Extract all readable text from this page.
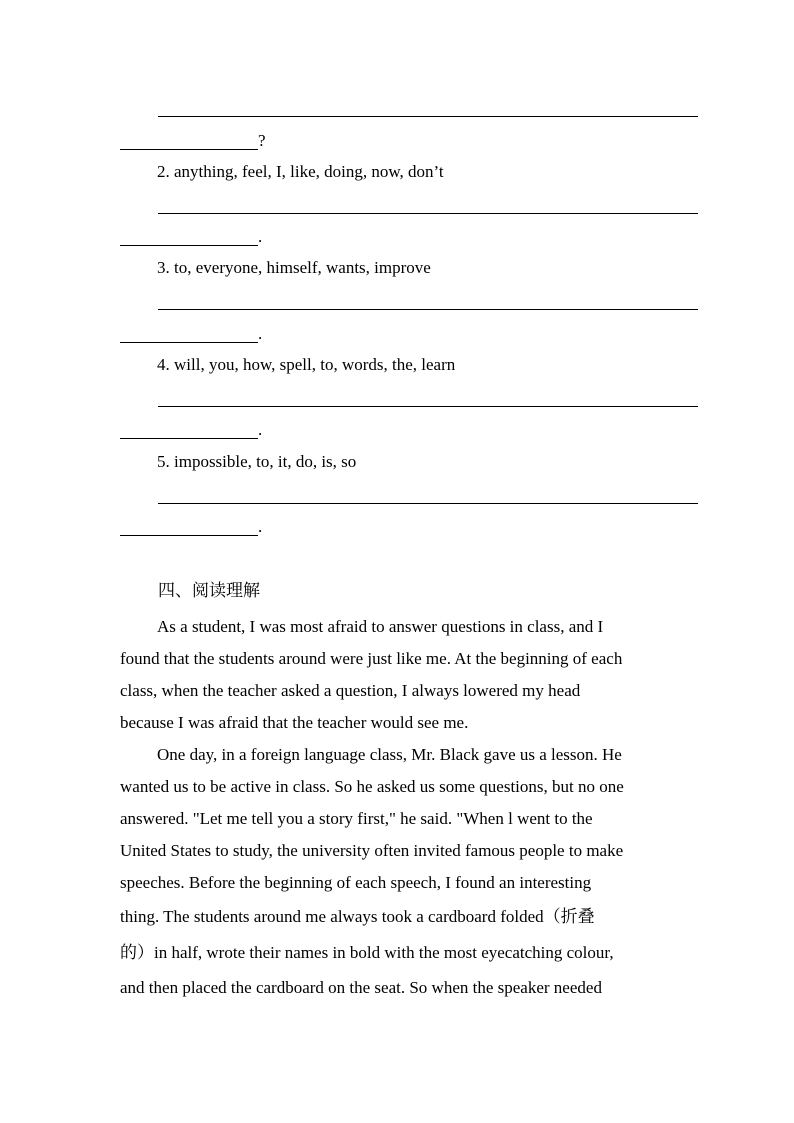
?
2. anything, feel, I, like, doing, now, don’t
.
3. to, everyone, himself, wants, improve
.
4. will, you, how, spell, to, words, the, learn
.
5. impossible, to, it, do, is, so
.
四、阅读理解
As a student, I was most afraid to answer questions in class, and I
found that the students around were just like me. At the beginning of each
class, when the teacher asked a question, I always lowered my head
because I was afraid that the teacher would see me.
One day, in a foreign language class, Mr. Black gave us a lesson. He
wanted us to be active in class. So he asked us some questions, but no one
answered. "Let me tell you a story first," he said. "When l went to the
United States to study, the university often invited famous people to make
speeches. Before the beginning of each speech, I found an interesting
thing. The students around me always took a cardboard folded（折叠
的）in half, wrote their names in bold with the most eyecatching colour,
and then placed the cardboard on the seat. So when the speaker needed
